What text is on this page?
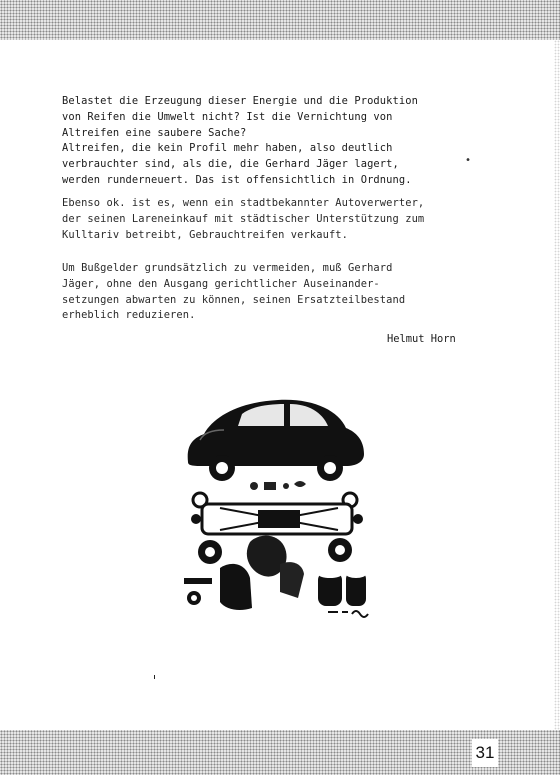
Belastet die Erzeugung dieser Energie und die Produktion

von Reifen die Umwelt nicht? Ist die Vernichtung von

Altreifen eine saubere Sache?

Altreifen, die kein Profil mehr haben, also deutlich

verbrauchter sind, als die, die Gerhard Jäger lagert,

werden runderneuert. Das ist offensichtlich in Ordnung.

Ebenso ok. ist es, wenn ein stadtbekannter Autoverwerter,

der seinen Lareneinkauf mit städtischer Unterstützung zum

Kulltariv betreibt, Gebrauchtreifen verkauft.

Um Bußgelder grundsätzlich zu vermeiden, muß Gerhard

Jäger, ohne den Ausgang gerichtlicher Auseinander-

setzungen abwarten zu können, seinen Ersatzteilbestand

erheblich reduzieren.

Helmut Horn
•
31
